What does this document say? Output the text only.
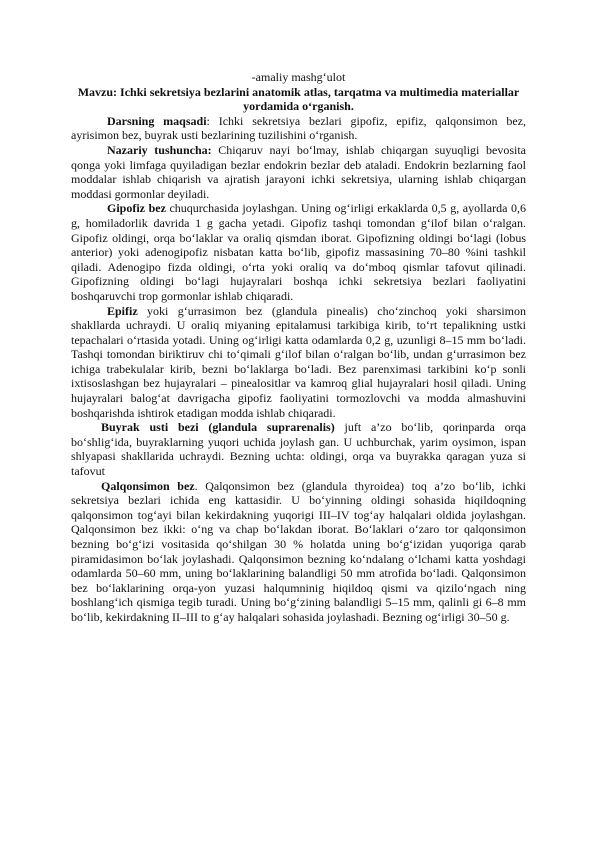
-amaliy mashg‘ulot

Mavzu: Ichki sekretsiya bezlarini anatomik atlas, tarqatma va multimedia materiallar yordamida o‘rganish.

Darsning maqsadi: Ichki sekretsiya bezlari gipofiz, epifiz, qalqonsimon bez, ayrisimon bez, buyrak usti bezlarining tuzilishini o‘rganish.

Nazariy tushuncha: Chiqaruv nayi bo‘lmay, ishlab chiqargan suyuqligi bevosita qonga yoki limfaga quyiladigan bezlar endokrin bezlar deb ataladi. Endokrin bezlarning faol moddalar ishlab chiqarish va ajratish jarayoni ichki sekretsiya, ularning ishlab chiqargan moddasi gormonlar deyiladi.

Gipofiz bez chuqurchasida joylashgan. Uning og‘irligi erkaklarda 0,5 g, ayollarda 0,6 g, homiladorlik davrida 1 g gacha yetadi. Gipofiz tashqi tomondan g‘ilof bilan o‘ralgan. Gipofiz oldingi, orqa bo‘laklar va oraliq qismdan iborat. Gipofizning oldingi bo‘lagi (lobus anterior) yoki adenogipofiz nisbatan katta bo‘lib, gipofiz massasining 70–80 %ini tashkil qiladi. Adenogipo fizda oldingi, o‘rta yoki oraliq va do‘mboq qismlar tafovut qilinadi. Gipofizning oldingi bo‘lagi hujayralari boshqa ichki sekretsiya bezlari faoliyatini boshqaruvchi trop gormonlar ishlab chiqaradi.

Epifiz yoki g‘urrasimon bez (glandula pinealis) cho‘zinchoq yoki sharsimon shakllarda uchraydi. U oraliq miyaning epitalamusi tarkibiga kirib, to‘rt tepalikning ustki tepachalari o‘rtasida yotadi. Uning og‘irligi katta odamlarda 0,2 g, uzunligi 8–15 mm bo‘ladi. Tashqi tomondan biriktiruv chi to‘qimali g‘ilof bilan o‘ralgan bo‘lib, undan g‘urrasimon bez ichiga trabekulalar kirib, bezni bo‘laklarga bo‘ladi. Bez parenximasi tarkibini ko‘p sonli ixtisoslashgan bez hujayralari – pinealositlar va kamroq glial hujayralari hosil qiladi. Uning hujayralari balog‘at davrigacha gipofiz faoliyatini tormozlovchi va modda almashuvini boshqarishda ishtirok etadigan modda ishlab chiqaradi.

Buyrak usti bezi (glandula suprarenalis) juft a’zo bo‘lib, qorinparda orqa bo‘shlig‘ida, buyraklarning yuqori uchida joylash gan. U uchburchak, yarim oysimon, ispan shlyapasi shakllarida uchraydi. Bezning uchta: oldingi, orqa va buyrakka qaragan yuza si tafovut

Qalqonsimon bez. Qalqonsimon bez (glandula thyroidea) toq a’zo bo‘lib, ichki sekretsiya bezlari ichida eng kattasidir. U bo‘yinning oldingi sohasida hiqildoqning qalqonsimon tog‘ayi bilan kekirdakning yuqorigi III–IV tog‘ay halqalari oldida joylashgan. Qalqonsimon bez ikki: o‘ng va chap bo‘lakdan iborat. Bo‘laklari o‘zaro tor qalqonsimon bezning bo‘g‘izi vositasida qo‘shilgan 30 % holatda uning bo‘g‘izidan yuqoriga qarab piramidasimon bo‘lak joylashadi. Qalqonsimon bezning ko‘ndalang o‘lchami katta yoshdagi odamlarda 50–60 mm, uning bo‘laklarining balandligi 50 mm atrofida bo‘ladi. Qalqonsimon bez bo‘laklarining orqa-yon yuzasi halqumninig hiqildoq qismi va qizilo‘ngach ning boshlang‘ich qismiga tegib turadi. Uning bo‘g‘zining balandligi 5–15 mm, qalinli gi 6–8 mm bo‘lib, kekirdakning II–III to g‘ay halqalari sohasida joylashadi. Bezning og‘irligi 30–50 g.
